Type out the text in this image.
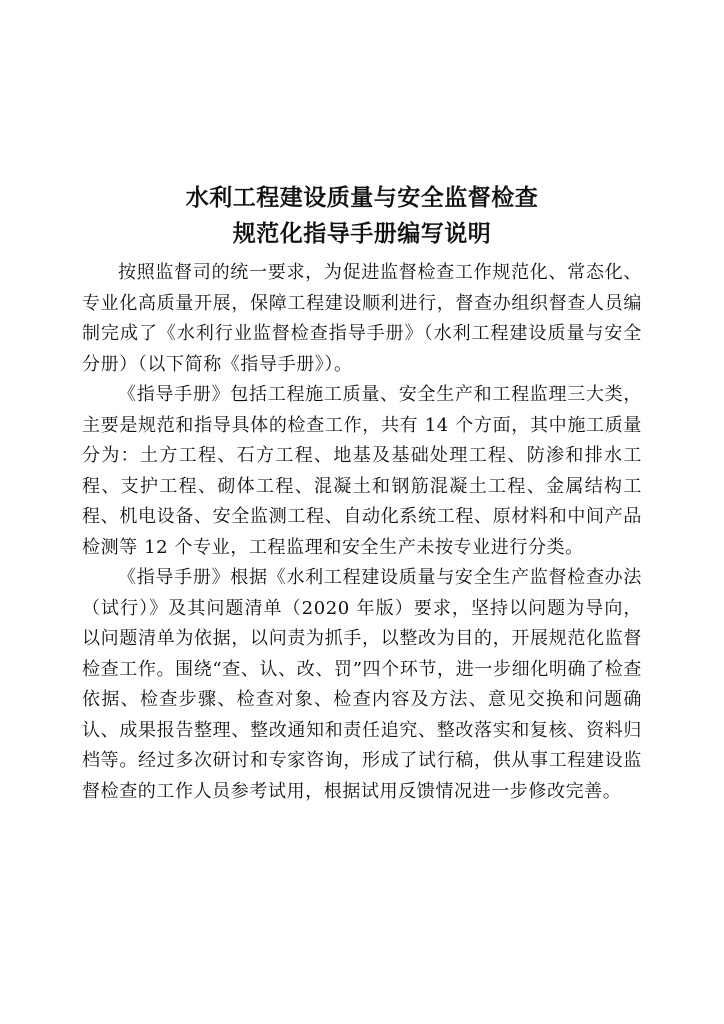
水利工程建设质量与安全监督检查
规范化指导手册编写说明

按照监督司的统一要求，为促进监督检查工作规范化、常态化、专业化高质量开展，保障工程建设顺利进行，督查办组织督查人员编制完成了《水利行业监督检查指导手册》（水利工程建设质量与安全分册）（以下简称《指导手册》）。

《指导手册》包括工程施工质量、安全生产和工程监理三大类，主要是规范和指导具体的检查工作，共有 14 个方面，其中施工质量分为：土方工程、石方工程、地基及基础处理工程、防渗和排水工程、支护工程、砌体工程、混凝土和钢筋混凝土工程、金属结构工程、机电设备、安全监测工程、自动化系统工程、原材料和中间产品检测等 12 个专业，工程监理和安全生产未按专业进行分类。

《指导手册》根据《水利工程建设质量与安全生产监督检查办法（试行）》及其问题清单（2020 年版）要求，坚持以问题为导向，以问题清单为依据，以问责为抓手，以整改为目的，开展规范化监督检查工作。围绕“查、认、改、罚”四个环节，进一步细化明确了检查依据、检查步骤、检查对象、检查内容及方法、意见交换和问题确认、成果报告整理、整改通知和责任追究、整改落实和复核、资料归档等。经过多次研讨和专家咨询，形成了试行稿，供从事工程建设监督检查的工作人员参考试用，根据试用反馈情况进一步修改完善。
